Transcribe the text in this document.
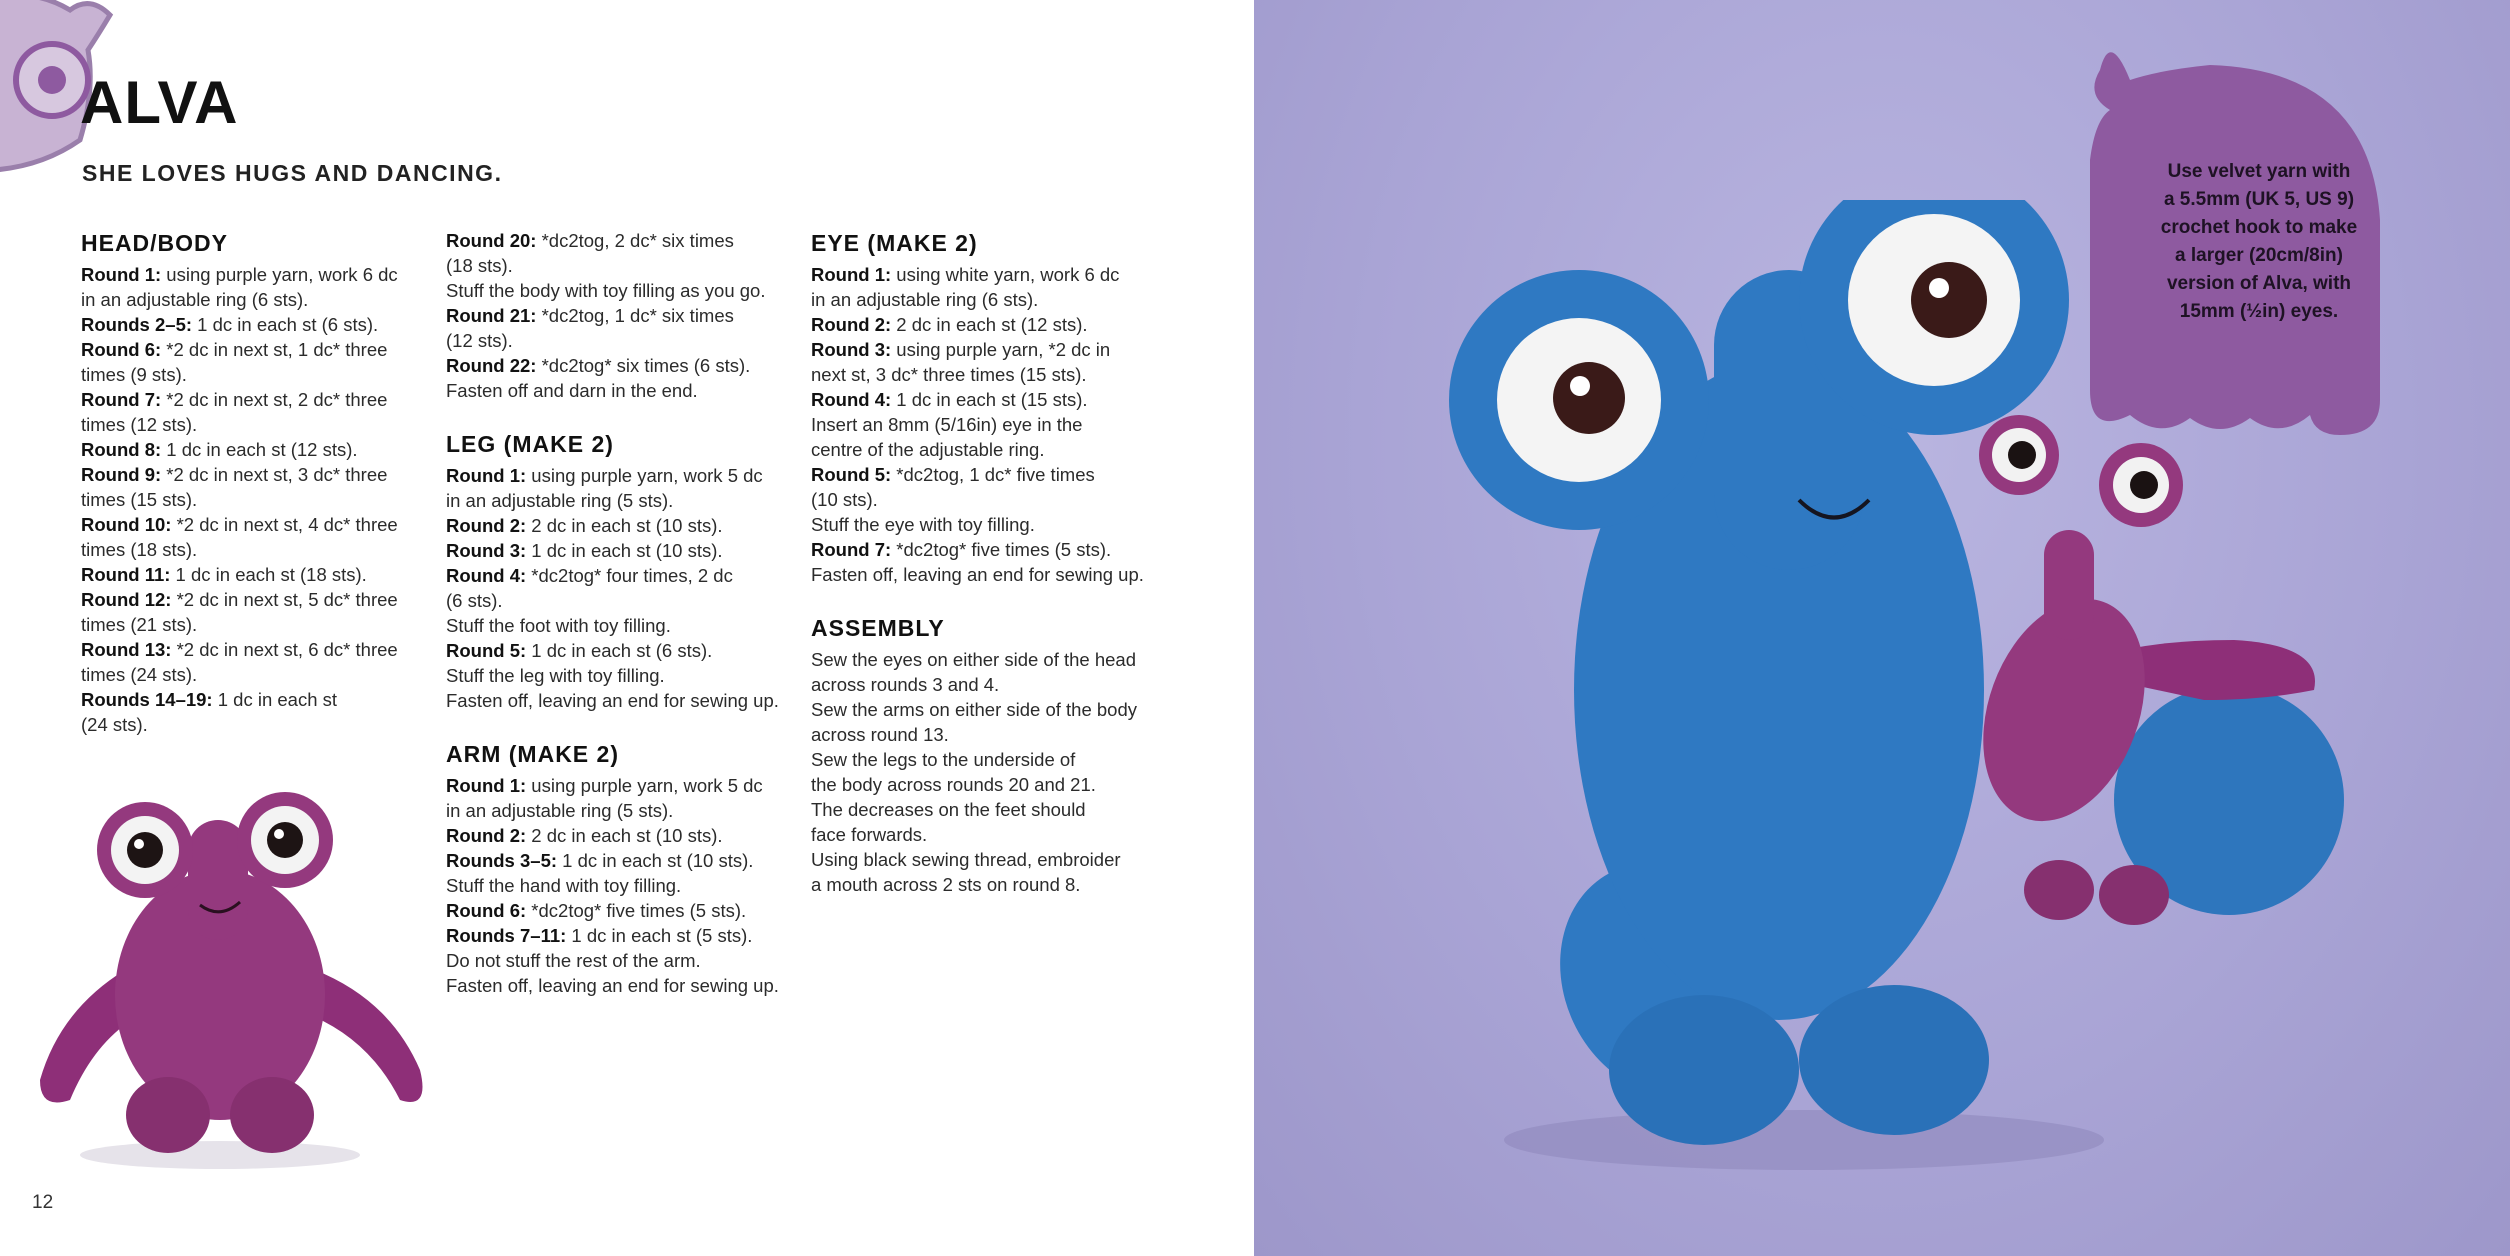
ALVA

SHE LOVES HUGS AND DANCING.

HEAD/BODY
Round 1: using purple yarn, work 6 dc
in an adjustable ring (6 sts).
Rounds 2–5: 1 dc in each st (6 sts).
Round 6: *2 dc in next st, 1 dc* three
times (9 sts).
Round 7: *2 dc in next st, 2 dc* three
times (12 sts).
Round 8: 1 dc in each st (12 sts).
Round 9: *2 dc in next st, 3 dc* three
times (15 sts).
Round 10: *2 dc in next st, 4 dc* three
times (18 sts).
Round 11: 1 dc in each st (18 sts).
Round 12: *2 dc in next st, 5 dc* three
times (21 sts).
Round 13: *2 dc in next st, 6 dc* three
times (24 sts).
Rounds 14–19: 1 dc in each st
(24 sts).
Round 20: *dc2tog, 2 dc* six times
(18 sts).
Stuff the body with toy filling as you go.
Round 21: *dc2tog, 1 dc* six times
(12 sts).
Round 22: *dc2tog* six times (6 sts).
Fasten off and darn in the end.
LEG (MAKE 2)
Round 1: using purple yarn, work 5 dc
in an adjustable ring (5 sts).
Round 2: 2 dc in each st (10 sts).
Round 3: 1 dc in each st (10 sts).
Round 4: *dc2tog* four times, 2 dc
(6 sts).
Stuff the foot with toy filling.
Round 5: 1 dc in each st (6 sts).
Stuff the leg with toy filling.
Fasten off, leaving an end for sewing up.
ARM (MAKE 2)
Round 1: using purple yarn, work 5 dc
in an adjustable ring (5 sts).
Round 2: 2 dc in each st (10 sts).
Rounds 3–5: 1 dc in each st (10 sts).
Stuff the hand with toy filling.
Round 6: *dc2tog* five times (5 sts).
Rounds 7–11: 1 dc in each st (5 sts).
Do not stuff the rest of the arm.
Fasten off, leaving an end for sewing up.
EYE (MAKE 2)
Round 1: using white yarn, work 6 dc
in an adjustable ring (6 sts).
Round 2: 2 dc in each st (12 sts).
Round 3: using purple yarn, *2 dc in
next st, 3 dc* three times (15 sts).
Round 4: 1 dc in each st (15 sts).
Insert an 8mm (5/16in) eye in the
centre of the adjustable ring.
Round 5: *dc2tog, 1 dc* five times
(10 sts).
Stuff the eye with toy filling.
Round 7: *dc2tog* five times (5 sts).
Fasten off, leaving an end for sewing up.
ASSEMBLY
Sew the eyes on either side of the head
across rounds 3 and 4.
Sew the arms on either side of the body
across round 13.
Sew the legs to the underside of
the body across rounds 20 and 21.
The decreases on the feet should
face forwards.
Using black sewing thread, embroider
a mouth across 2 sts on round 8.
12
Use velvet yarn with
a 5.5mm (UK 5, US 9)
crochet hook to make
a larger (20cm/8in)
version of Alva, with
15mm (½in) eyes.
